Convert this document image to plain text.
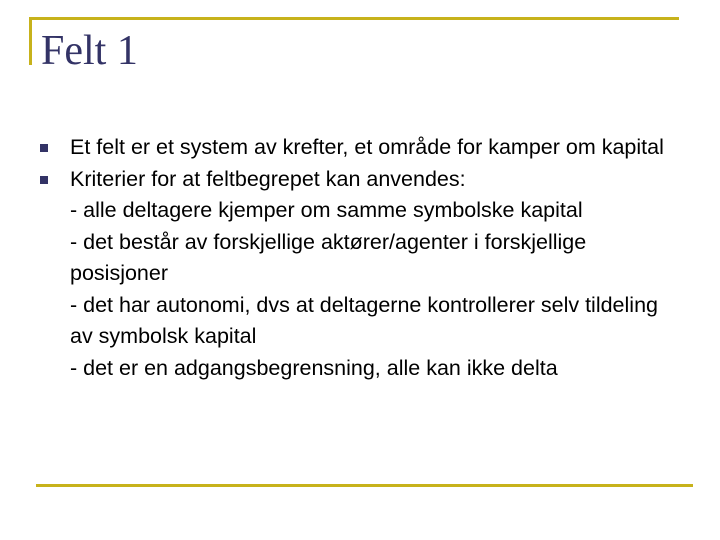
Felt 1
Et felt er et system av krefter, et område for kamper om kapital
Kriterier for at feltbegrepet kan anvendes:
- alle deltagere kjemper om samme symbolske kapital
- det består av forskjellige aktører/agenter i forskjellige posisjoner
- det har autonomi, dvs at deltagerne kontrollerer selv tildeling av symbolsk kapital
- det er en adgangsbegrensning, alle kan ikke delta
